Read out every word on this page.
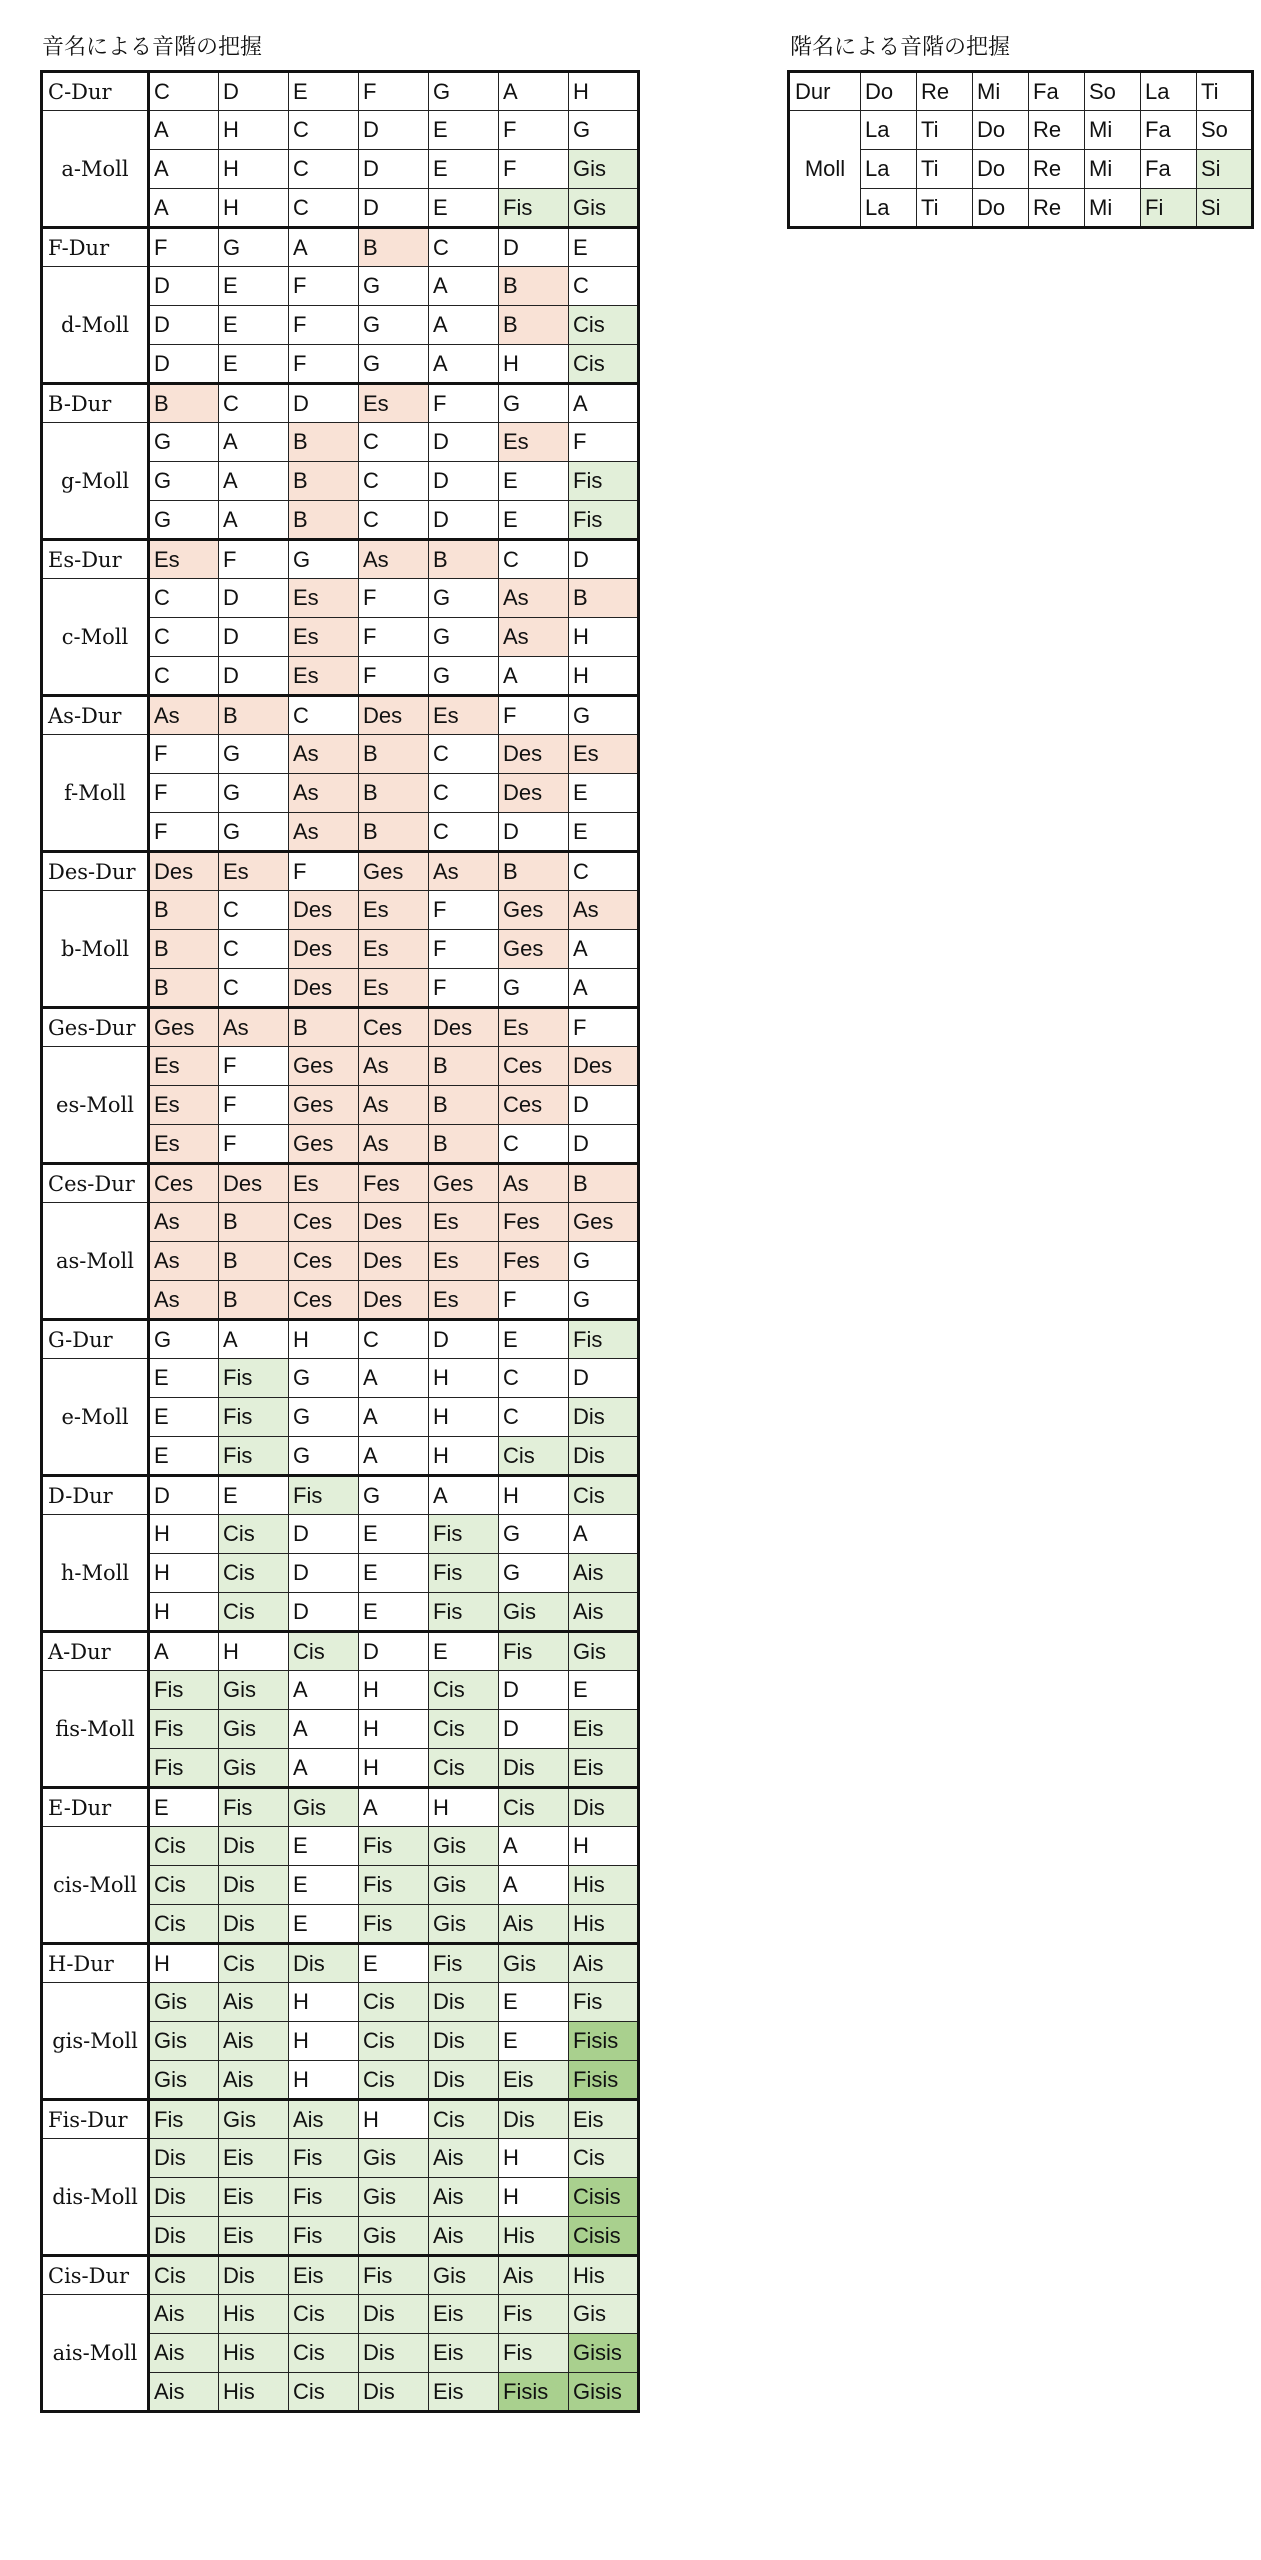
音名による音階の把握	階名による音階の把握
C-Dur	C	D	E	F	G	A	H
a-Moll	A	H	C	D	E	F	G
	A	H	C	D	E	F	Gis
	A	H	C	D	E	Fis	Gis
F-Dur	F	G	A	B	C	D	E
d-Moll	D	E	F	G	A	B	C
	D	E	F	G	A	B	Cis
	D	E	F	G	A	H	Cis
B-Dur	B	C	D	Es	F	G	A
g-Moll	G	A	B	C	D	Es	F
	G	A	B	C	D	E	Fis
	G	A	B	C	D	E	Fis
Es-Dur	Es	F	G	As	B	C	D
c-Moll	C	D	Es	F	G	As	B
	C	D	Es	F	G	As	H
	C	D	Es	F	G	A	H
As-Dur	As	B	C	Des	Es	F	G
f-Moll	F	G	As	B	C	Des	Es
	F	G	As	B	C	Des	E
	F	G	As	B	C	D	E
Des-Dur	Des	Es	F	Ges	As	B	C
b-Moll	B	C	Des	Es	F	Ges	As
	B	C	Des	Es	F	Ges	A
	B	C	Des	Es	F	G	A
Ges-Dur	Ges	As	B	Ces	Des	Es	F
es-Moll	Es	F	Ges	As	B	Ces	Des
	Es	F	Ges	As	B	Ces	D
	Es	F	Ges	As	B	C	D
Ces-Dur	Ces	Des	Es	Fes	Ges	As	B
as-Moll	As	B	Ces	Des	Es	Fes	Ges
	As	B	Ces	Des	Es	Fes	G
	As	B	Ces	Des	Es	F	G
G-Dur	G	A	H	C	D	E	Fis
e-Moll	E	Fis	G	A	H	C	D
	E	Fis	G	A	H	C	Dis
	E	Fis	G	A	H	Cis	Dis
D-Dur	D	E	Fis	G	A	H	Cis
h-Moll	H	Cis	D	E	Fis	G	A
	H	Cis	D	E	Fis	G	Ais
	H	Cis	D	E	Fis	Gis	Ais
A-Dur	A	H	Cis	D	E	Fis	Gis
fis-Moll	Fis	Gis	A	H	Cis	D	E
	Fis	Gis	A	H	Cis	D	Eis
	Fis	Gis	A	H	Cis	Dis	Eis
E-Dur	E	Fis	Gis	A	H	Cis	Dis
cis-Moll	Cis	Dis	E	Fis	Gis	A	H
	Cis	Dis	E	Fis	Gis	A	His
	Cis	Dis	E	Fis	Gis	Ais	His
H-Dur	H	Cis	Dis	E	Fis	Gis	Ais
gis-Moll	Gis	Ais	H	Cis	Dis	E	Fis
	Gis	Ais	H	Cis	Dis	E	Fisis
	Gis	Ais	H	Cis	Dis	Eis	Fisis
Fis-Dur	Fis	Gis	Ais	H	Cis	Dis	Eis
dis-Moll	Dis	Eis	Fis	Gis	Ais	H	Cis
	Dis	Eis	Fis	Gis	Ais	H	Cisis
	Dis	Eis	Fis	Gis	Ais	His	Cisis
Cis-Dur	Cis	Dis	Eis	Fis	Gis	Ais	His
ais-Moll	Ais	His	Cis	Dis	Eis	Fis	Gis
	Ais	His	Cis	Dis	Eis	Fis	Gisis
	Ais	His	Cis	Dis	Eis	Fisis	Gisis
Dur	Do	Re	Mi	Fa	So	La	Ti
Moll	La	Ti	Do	Re	Mi	Fa	So
	La	Ti	Do	Re	Mi	Fa	Si
	La	Ti	Do	Re	Mi	Fi	Si
